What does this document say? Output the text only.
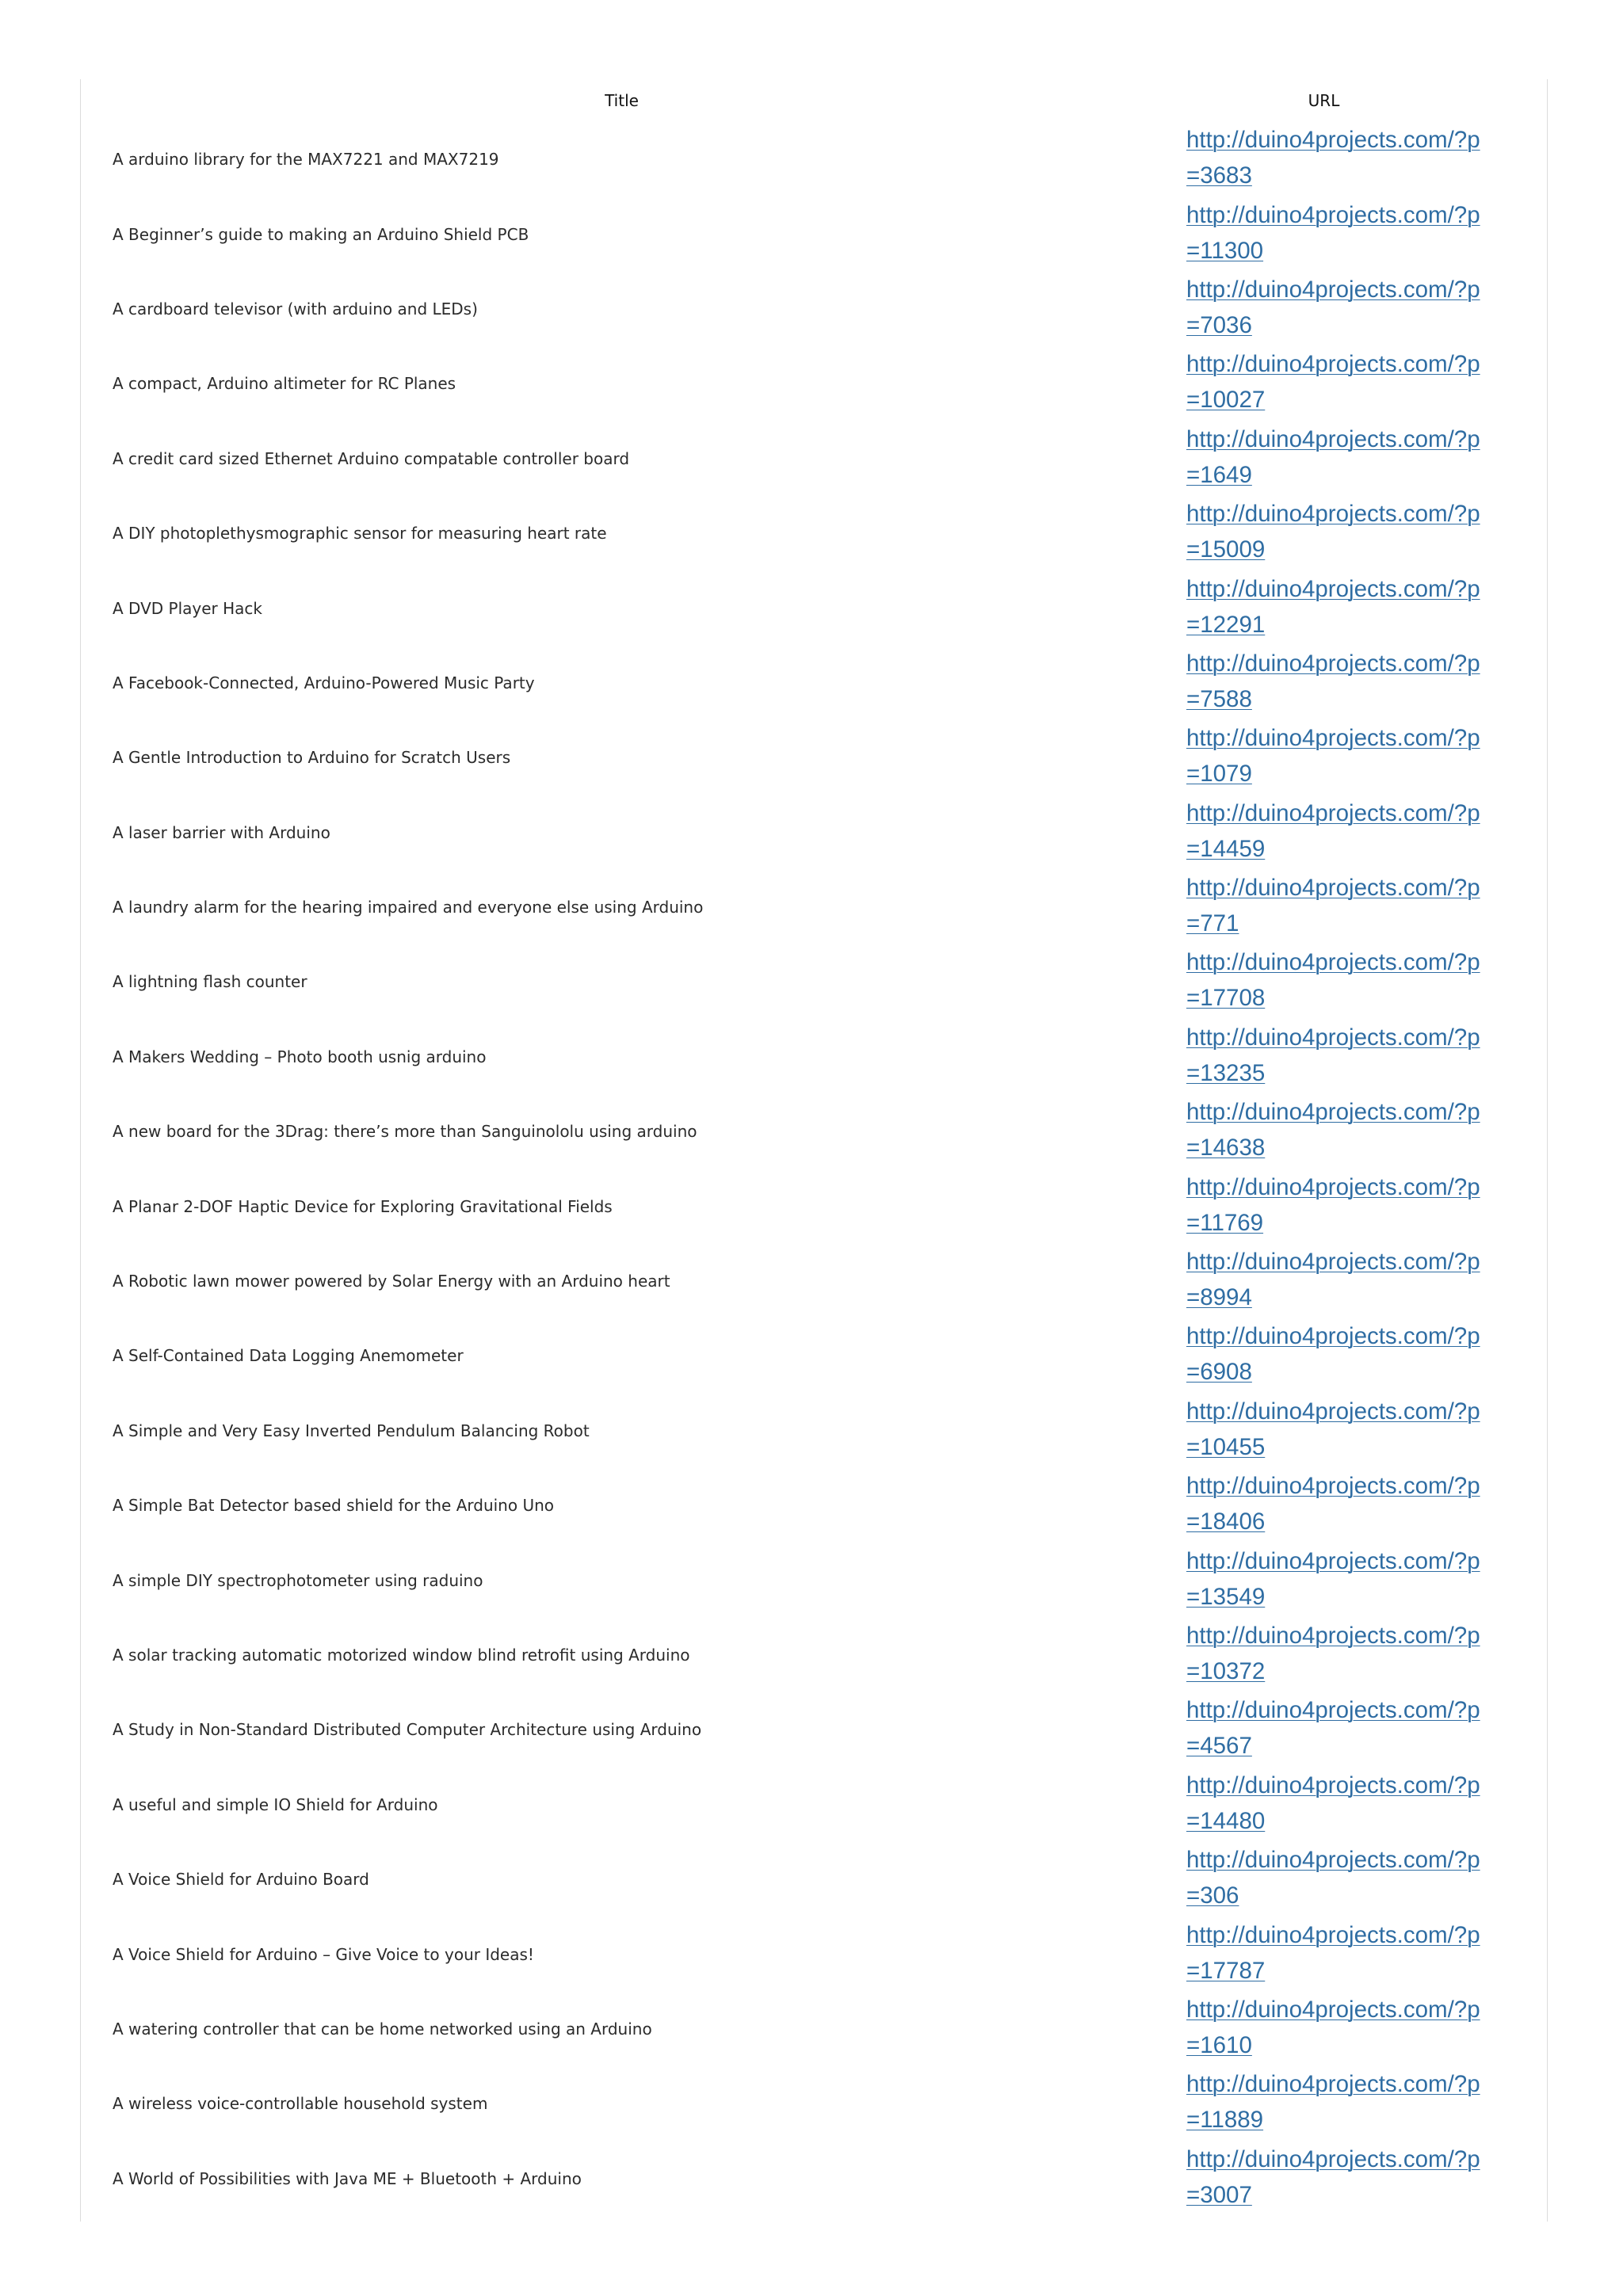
Title	URL
A arduino library for the MAX7221 and MAX7219	http://duino4projects.com/?p=3683

A Beginner’s guide to making an Arduino Shield PCB	http://duino4projects.com/?p=11300

A cardboard televisor (with arduino and LEDs)	http://duino4projects.com/?p=7036

A compact, Arduino altimeter for RC Planes	http://duino4projects.com/?p=10027

A credit card sized Ethernet Arduino compatable controller board	http://duino4projects.com/?p=1649

A DIY photoplethysmographic sensor for measuring heart rate	http://duino4projects.com/?p=15009

A DVD Player Hack	http://duino4projects.com/?p=12291

A Facebook-Connected, Arduino-Powered Music Party	http://duino4projects.com/?p=7588

A Gentle Introduction to Arduino for Scratch Users	http://duino4projects.com/?p=1079

A laser barrier with Arduino	http://duino4projects.com/?p=14459

A laundry alarm for the hearing impaired and everyone else using Arduino	http://duino4projects.com/?p=771

A lightning flash counter	http://duino4projects.com/?p=17708

A Makers Wedding – Photo booth usnig arduino	http://duino4projects.com/?p=13235

A new board for the 3Drag: there’s more than Sanguinololu using arduino	http://duino4projects.com/?p=14638

A Planar 2-DOF Haptic Device for Exploring Gravitational Fields	http://duino4projects.com/?p=11769

A Robotic lawn mower powered by Solar Energy with an Arduino heart	http://duino4projects.com/?p=8994

A Self-Contained Data Logging Anemometer	http://duino4projects.com/?p=6908

A Simple and Very Easy Inverted Pendulum Balancing Robot	http://duino4projects.com/?p=10455

A Simple Bat Detector based shield for the Arduino Uno	http://duino4projects.com/?p=18406

A simple DIY spectrophotometer using raduino	http://duino4projects.com/?p=13549

A solar tracking automatic motorized window blind retrofit using Arduino	http://duino4projects.com/?p=10372

A Study in Non-Standard Distributed Computer Architecture using Arduino	http://duino4projects.com/?p=4567

A useful and simple IO Shield for Arduino	http://duino4projects.com/?p=14480

A Voice Shield for Arduino Board	http://duino4projects.com/?p=306

A Voice Shield for Arduino – Give Voice to your Ideas!	http://duino4projects.com/?p=17787

A watering controller that can be home networked using an Arduino	http://duino4projects.com/?p=1610

A wireless voice-controllable household system	http://duino4projects.com/?p=11889

A World of Possibilities with Java ME + Bluetooth + Arduino	http://duino4projects.com/?p=3007
